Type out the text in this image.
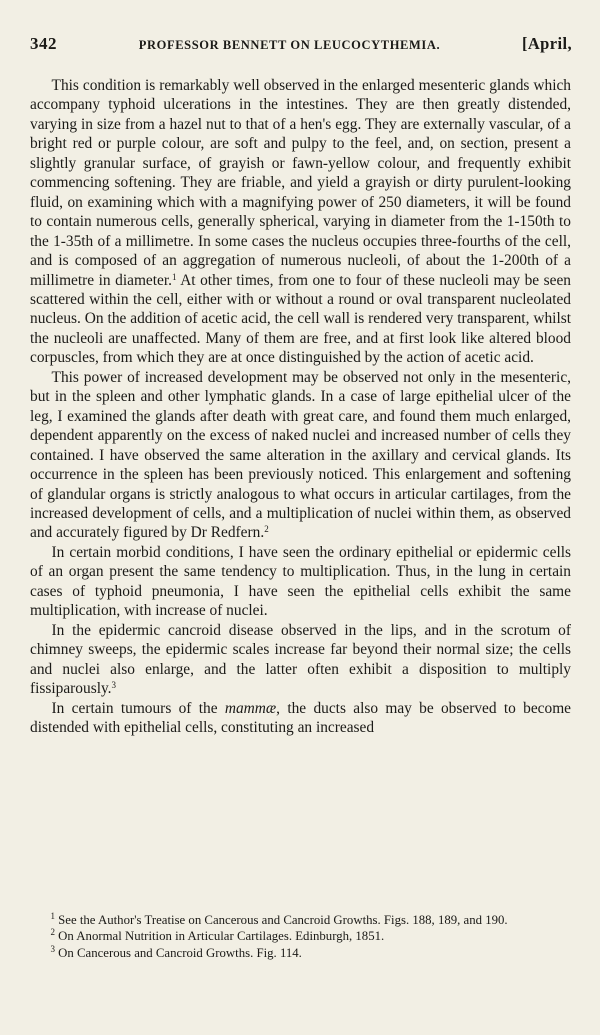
342	PROFESSOR BENNETT ON LEUCOCYTHEMIA.	[April,

This condition is remarkably well observed in the enlarged mesenteric glands which accompany typhoid ulcerations in the intestines. They are then greatly distended, varying in size from a hazel nut to that of a hen's egg. They are externally vascular, of a bright red or purple colour, are soft and pulpy to the feel, and, on section, present a slightly granular surface, of grayish or fawn-yellow colour, and frequently exhibit commencing softening. They are friable, and yield a grayish or dirty purulent-looking fluid, on examining which with a magnifying power of 250 diameters, it will be found to contain numerous cells, generally spherical, varying in diameter from the 1-150th to the 1-35th of a millimetre. In some cases the nucleus occupies three-fourths of the cell, and is composed of an aggregation of numerous nucleoli, of about the 1-200th of a millimetre in diameter.$^1$ At other times, from one to four of these nucleoli may be seen scattered within the cell, either with or without a round or oval transparent nucleolated nucleus. On the addition of acetic acid, the cell wall is rendered very transparent, whilst the nucleoli are unaffected. Many of them are free, and at first look like altered blood corpuscles, from which they are at once distinguished by the action of acetic acid.

This power of increased development may be observed not only in the mesenteric, but in the spleen and other lymphatic glands. In a case of large epithelial ulcer of the leg, I examined the glands after death with great care, and found them much enlarged, dependent apparently on the excess of naked nuclei and increased number of cells they contained. I have observed the same alteration in the axillary and cervical glands. Its occurrence in the spleen has been previously noticed. This enlargement and softening of glandular organs is strictly analogous to what occurs in articular cartilages, from the increased development of cells, and a multiplication of nuclei within them, as observed and accurately figured by Dr Redfern.$^2$

In certain morbid conditions, I have seen the ordinary epithelial or epidermic cells of an organ present the same tendency to multiplication. Thus, in the lung in certain cases of typhoid pneumonia, I have seen the epithelial cells exhibit the same multiplication, with increase of nuclei.

In the epidermic cancroid disease observed in the lips, and in the scrotum of chimney sweeps, the epidermic scales increase far beyond their normal size; the cells and nuclei also enlarge, and the latter often exhibit a disposition to multiply fissiparously.$^3$

In certain tumours of the mammæ, the ducts also may be observed to become distended with epithelial cells, constituting an increased

$^1$ See the Author's Treatise on Cancerous and Cancroid Growths. Figs. 188, 189, and 190.

$^2$ On Anormal Nutrition in Articular Cartilages. Edinburgh, 1851.

$^3$ On Cancerous and Cancroid Growths. Fig. 114.
